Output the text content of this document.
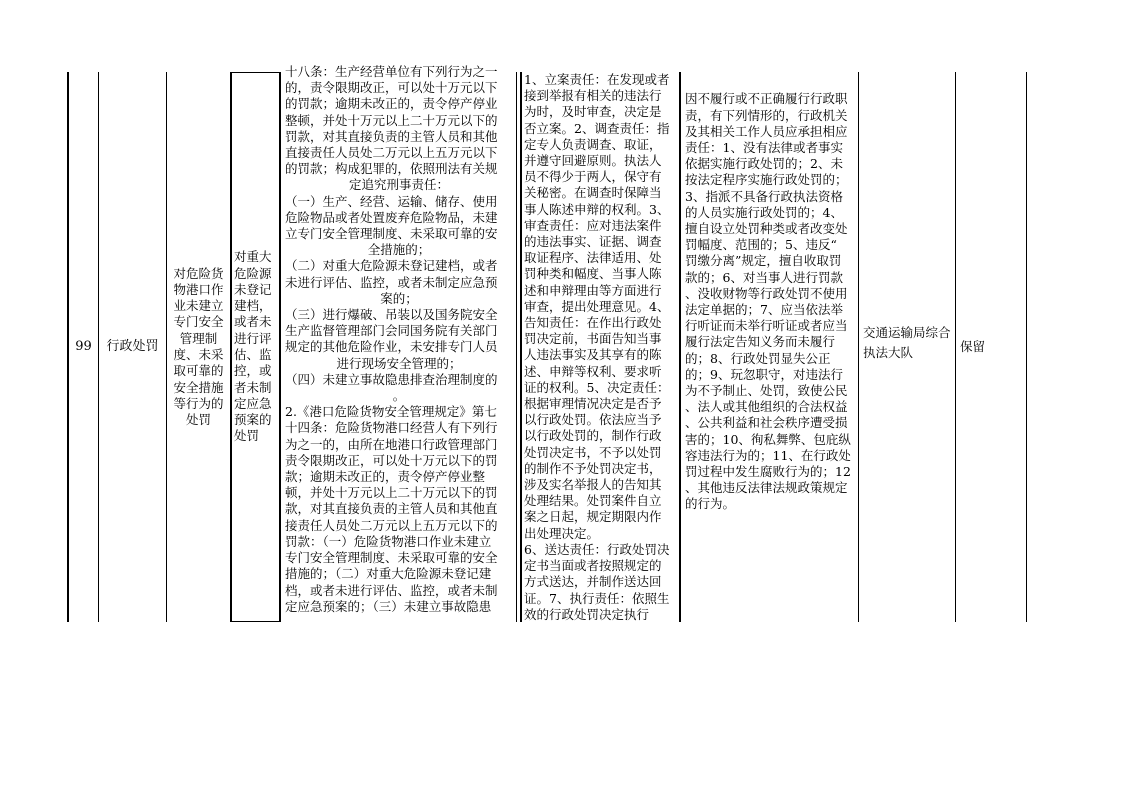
99 行政处罚
对危险货物港口作业未建立专门安全管理制度、未采取可靠的安全措施等行为的处罚
对重大危险源未登记建档，或者未进行评估、监控，或者未制定应急预案的处罚

十八条：生产经营单位有下列行为之一

的，责令限期改正，可以处十万元以下

的罚款；逾期未改正的，责令停产停业

整顿，并处十万元以上二十万元以下的

罚款，对其直接负责的主管人员和其他

直接责任人员处二万元以上五万元以下

的罚款；构成犯罪的，依照刑法有关规

定追究刑事责任：

（一）生产、经营、运输、储存、使用

危险物品或者处置废弃危险物品，未建

立专门安全管理制度、未采取可靠的安

全措施的；

（二）对重大危险源未登记建档，或者

未进行评估、监控，或者未制定应急预

案的；

（三）进行爆破、吊装以及国务院安全

生产监督管理部门会同国务院有关部门

规定的其他危险作业，未安排专门人员

进行现场安全管理的；

（四）未建立事故隐患排查治理制度的

。

2.《港口危险货物安全管理规定》第七

十四条：危险货物港口经营人有下列行

为之一的，由所在地港口行政管理部门

责令限期改正，可以处十万元以下的罚

款；逾期未改正的，责令停产停业整

顿，并处十万元以上二十万元以下的罚

款，对其直接负责的主管人员和其他直

接责任人员处二万元以上五万元以下的

罚款：（一）危险货物港口作业未建立

专门安全管理制度、未采取可靠的安全

措施的；（二）对重大危险源未登记建

档，或者未进行评估、监控，或者未制

定应急预案的；（三）未建立事故隐患

1、立案责任：在发现或者

接到举报有相关的违法行

为时，及时审查，决定是

否立案。2、调查责任：指

定专人负责调查、取证，

并遵守回避原则。执法人

员不得少于两人，保守有

关秘密。在调查时保障当

事人陈述申辩的权利。3、

审查责任：应对违法案件

的违法事实、证据、调查

取证程序、法律适用、处

罚种类和幅度、当事人陈

述和申辩理由等方面进行

审查，提出处理意见。4、

告知责任：在作出行政处

罚决定前，书面告知当事

人违法事实及其享有的陈

述、申辩等权利、要求听

证的权利。5、决定责任：

根据审理情况决定是否予

以行政处罚。依法应当予

以行政处罚的，制作行政

处罚决定书，不予以处罚

的制作不予处罚决定书，

涉及实名举报人的告知其

处理结果。处罚案件自立

案之日起，规定期限内作

出处理决定。

6、送达责任：行政处罚决

定书当面或者按照规定的

方式送达，并制作送达回

证。7、执行责任：依照生

效的行政处罚决定执行

因不履行或不正确履行行政职

责，有下列情形的，行政机关

及其相关工作人员应承担相应

责任：1、没有法律或者事实

依据实施行政处罚的；2、未

按法定程序实施行政处罚的；

3、指派不具备行政执法资格

的人员实施行政处罚的；4、

擅自设立处罚种类或者改变处

罚幅度、范围的；5、违反“

罚缴分离”规定，擅自收取罚

款的；6、对当事人进行罚款

、没收财物等行政处罚不使用

法定单据的；7、应当依法举

行听证而未举行听证或者应当

履行法定告知义务而未履行

的；8、行政处罚显失公正

的；9、玩忽职守，对违法行

为不予制止、处罚，致使公民

、法人或其他组织的合法权益

、公共利益和社会秩序遭受损

害的；10、徇私舞弊、包庇纵

容违法行为的；11、在行政处

罚过程中发生腐败行为的；12

、其他违反法律法规政策规定

的行为。

交通运输局综合执法大队	保留
